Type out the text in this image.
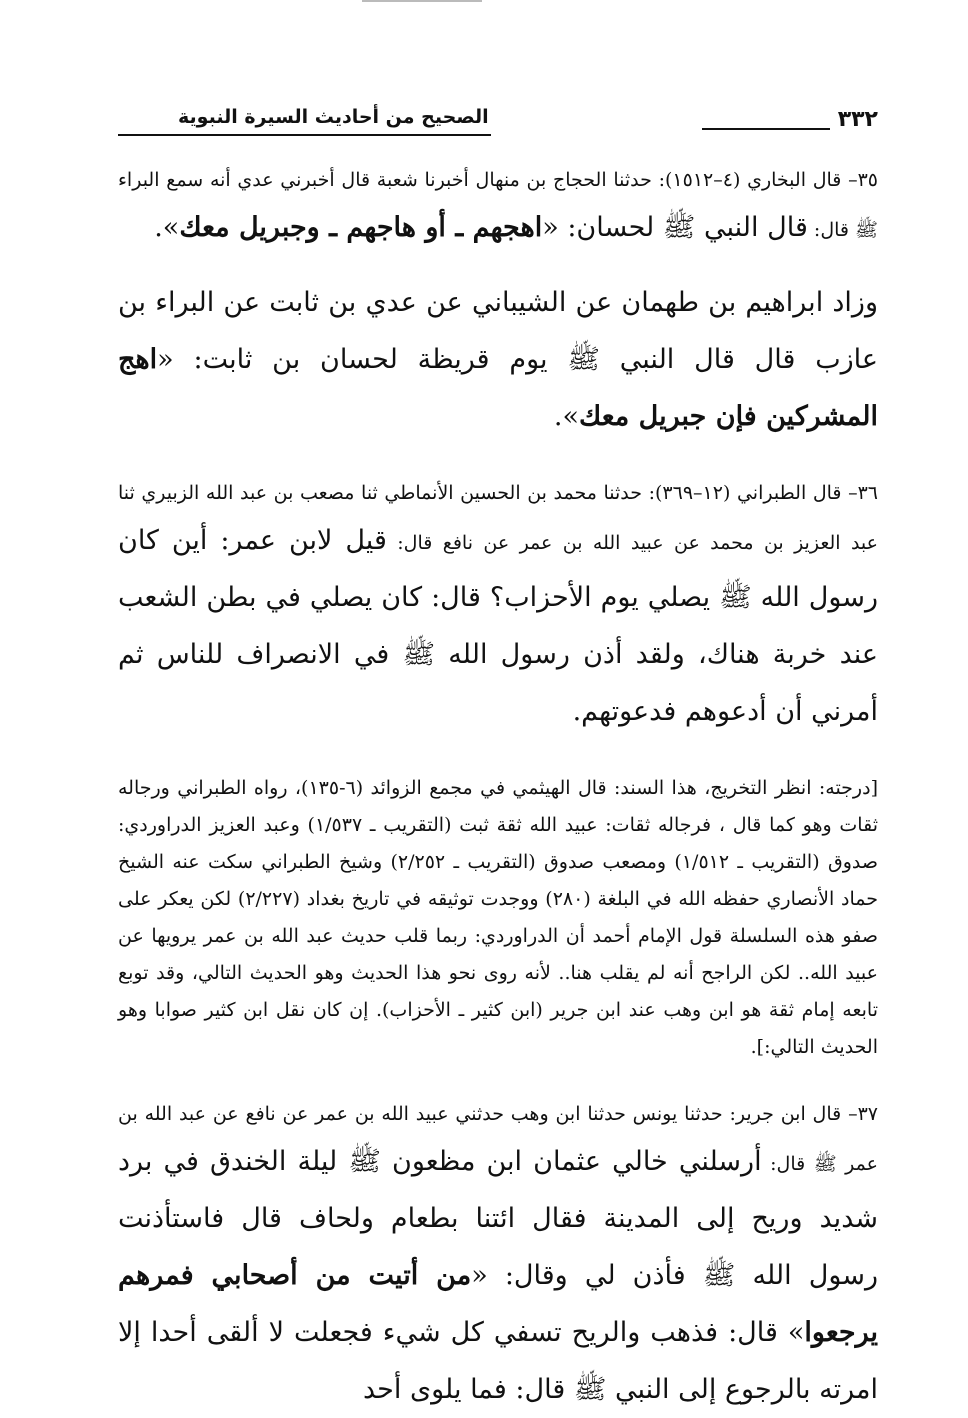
٣٣٢
الصحيح من أحاديث السيرة النبوية

٣٥– قال البخاري (٤–١٥١٢): حدثنا الحجاج بن منهال أخبرنا شعبة قال أخبرني عدي أنه سمع البراء ﷺ قال: قال النبي ﷺ لحسان: «اهجهم ـ أو هاجهم ـ وجبريل معك».

وزاد ابراهيم بن طهمان عن الشيباني عن عدي بن ثابت عن البراء بن عازب قال قال النبي ﷺ يوم قريظة لحسان بن ثابت: «اهج المشركين فإن جبريل معك».

٣٦– قال الطبراني (١٢–٣٦٩): حدثنا محمد بن الحسين الأنماطي ثنا مصعب بن عبد الله الزبيري ثنا عبد العزيز بن محمد عن عبيد الله بن عمر عن نافع قال: قيل لابن عمر: أين كان رسول الله ﷺ يصلي يوم الأحزاب؟ قال: كان يصلي في بطن الشعب عند خربة هناك، ولقد أذن رسول الله ﷺ في الانصراف للناس ثم أمرني أن أدعوهم فدعوتهم.

[درجته: انظر التخريج، هذا السند: قال الهيثمي في مجمع الزوائد (٦-١٣٥)، رواه الطبراني ورجاله ثقات وهو كما قال ، فرجاله ثقات: عبيد الله ثقة ثبت (التقريب ـ ١/٥٣٧) وعبد العزيز الدراوردي: صدوق (التقريب ـ ١/٥١٢) ومصعب صدوق (التقريب ـ ٢/٢٥٢) وشيخ الطبراني سكت عنه الشيخ حماد الأنصاري حفظه الله في البلغة (٢٨٠) ووجدت توثيقه في تاريخ بغداد (٢/٢٢٧) لكن يعكر على صفو هذه السلسلة قول الإمام أحمد أن الدراوردي: ربما قلب حديث عبد الله بن عمر يرويها عن عبيد الله.. لكن الراجح أنه لم يقلب هنا.. لأنه روى نحو هذا الحديث وهو الحديث التالي، وقد توبع تابعه إمام ثقة هو ابن وهب عند ابن جرير (ابن كثير ـ الأحزاب). إن كان نقل ابن كثير صوابا وهو الحديث التالي:].

٣٧– قال ابن جرير: حدثنا يونس حدثنا ابن وهب حدثني عبيد الله بن عمر عن نافع عن عبد الله بن عمر ﷺ قال: أرسلني خالي عثمان ابن مظعون ﷺ ليلة الخندق في برد شديد وريح إلى المدينة فقال ائتنا بطعام ولحاف قال فاستأذنت رسول الله ﷺ فأذن لي وقال: «من أتيت من أصحابي فمرهم يرجعوا» قال: فذهب والريح تسفي كل شيء فجعلت لا ألقى أحدا إلا امرته بالرجوع إلى النبي ﷺ قال: فما يلوى أحد
